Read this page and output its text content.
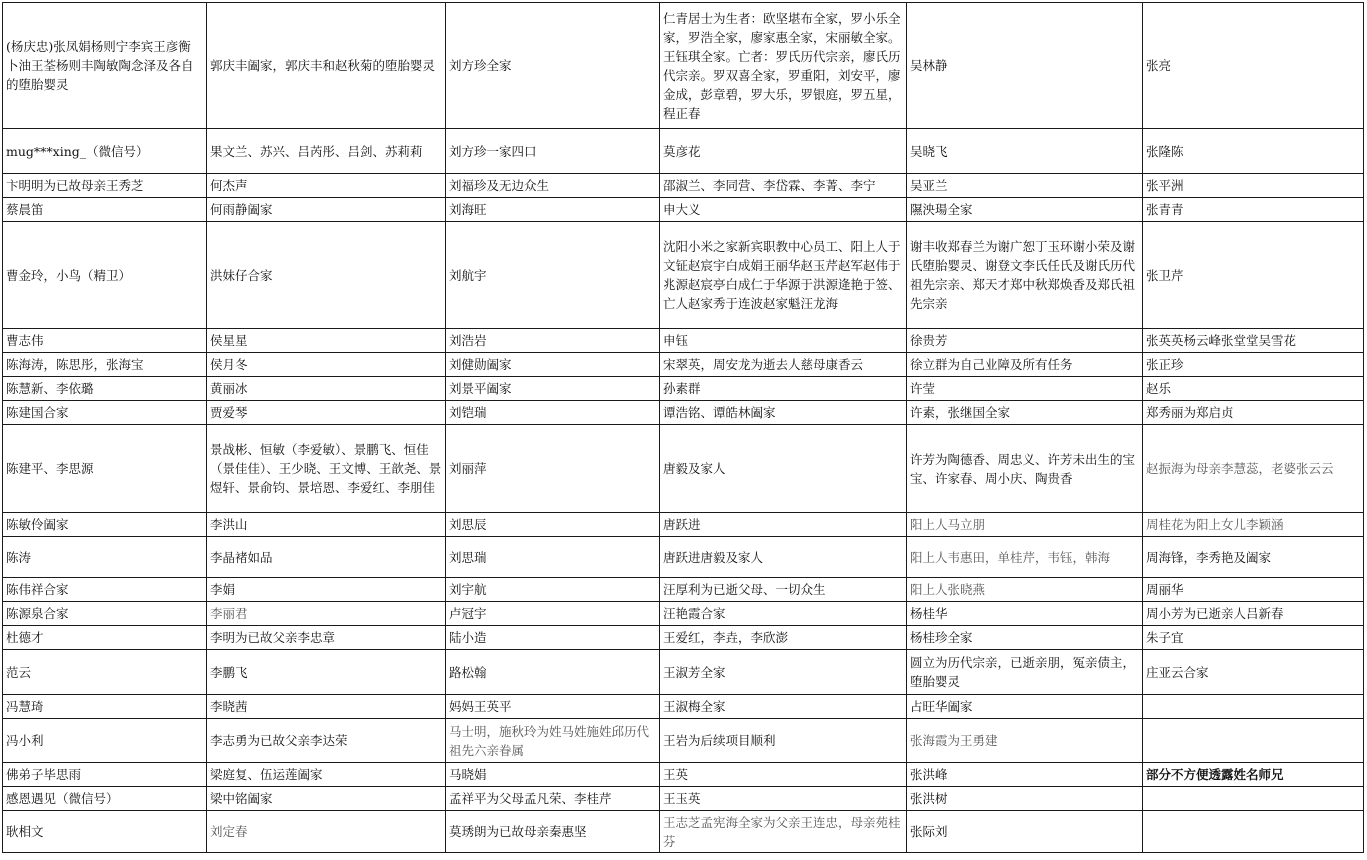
(杨庆忠)张凤娟杨则宁李宾王彦衡卜油王荃杨则丰陶敏陶念泽及各自的堕胎婴灵	郭庆丰阖家，郭庆丰和赵秋菊的堕胎婴灵	刘方珍全家	仁青居士为生者：欧坚堪布全家，罗小乐全家，罗浩全家，廖家惠全家，宋丽敏全家。王钰琪全家。亡者：罗氏历代宗亲，廖氏历代宗亲。罗双喜全家，罗重阳，刘安平，廖金成，彭章碧，罗大乐，罗银庭，罗五星，程正春	吴林静	张亮
mug***xing_（微信号）	果文兰、苏兴、吕芮彤、吕剑、苏莉莉	刘方珍一家四口	莫彦花	吴晓飞	张隆陈
卞明明为已故母亲王秀芝	何杰声	刘福珍及无边众生	邵淑兰、李同营、李岱霖、李菁、李宁	吴亚兰	张平洲
蔡晨笛	何雨静阖家	刘海旺	申大义	隰泱瑒全家	张青青
曹金玲，小鸟（精卫）	洪妹仔合家	刘航宇	沈阳小米之家新宾职教中心员工、阳上人于文钲赵宸宇白成娟王丽华赵玉芹赵军赵伟于兆源赵宸亭白成仁于华源于洪源逄艳于签、亡人赵家秀于连波赵家魁汪龙海	谢丰收郑春兰为谢广恕丁玉环谢小荣及谢氏堕胎婴灵、谢登文李氏任氏及谢氏历代祖先宗亲、郑天才郑中秋郑焕香及郑氏祖先宗亲	张卫芹
曹志伟	侯星星	刘浩岩	申钰	徐贵芳	张英英杨云峰张堂堂吴雪花
陈海涛，陈思彤，张海宝	侯月冬	刘健勋阖家	宋翠英，周安龙为逝去人慈母康香云	徐立群为自己业障及所有任务	张正珍
陈慧新、李依璐	黄丽冰	刘景平阖家	孙素群	许莹	赵乐
陈建国合家	贾爱琴	刘铠瑞	谭浩铭、谭皓林阖家	许素，张继国全家	郑秀丽为郑启贞
陈建平、李思源	景战彬、恒敏（李爱敏）、景鹏飞、恒佳（景佳佳）、王少晓、王文博、王歆尧、景煜轩、景俞钧、景培恩、李爱红、李朋佳	刘丽萍	唐毅及家人	许芳为陶德香、周忠义、许芳未出生的宝宝、许家春、周小庆、陶贵香	赵振海为母亲李慧蕊，老婆张云云
陈敏伶阖家	李洪山	刘思辰	唐跃进	阳上人马立朋	周桂花为阳上女儿李颖涵
陈涛	李晶褚如品	刘思瑞	唐跃进唐毅及家人	阳上人韦惠田，单桂芹，韦钰，韩海	周海锋，李秀艳及阖家
陈伟祥合家	李娟	刘宇航	汪厚利为已逝父母、一切众生	阳上人张晓燕	周丽华
陈源泉合家	李丽君	卢冠宇	汪艳霞合家	杨桂华	周小芳为已逝亲人吕新春
杜德才	李明为已故父亲李忠章	陆小造	王爱红，李垚，李欣澎	杨桂珍全家	朱子宜
范云	李鹏飞	路松翰	王淑芳全家	圆立为历代宗亲，已逝亲朋，冤亲债主，堕胎婴灵	庄亚云合家
冯慧琦	李晓茜	妈妈王英平	王淑梅全家	占旺华阖家	
冯小利	李志勇为已故父亲李达荣	马士明，施秋玲为姓马姓施姓邱历代祖先六亲眷属	王岩为后续项目顺利	张海霞为王勇建	
佛弟子毕思雨	梁庭复、伍运莲阖家	马晓娟	王英	张洪峰	部分不方便透露姓名师兄
感恩遇见（微信号）	梁中铭阖家	孟祥平为父母孟凡荣、李桂芹	王玉英	张洪树	
耿相文	刘定春	莫琇朗为已故母亲秦惠坚	王志芝孟宪海全家为父亲王连忠，母亲苑桂芬	张际刘	
